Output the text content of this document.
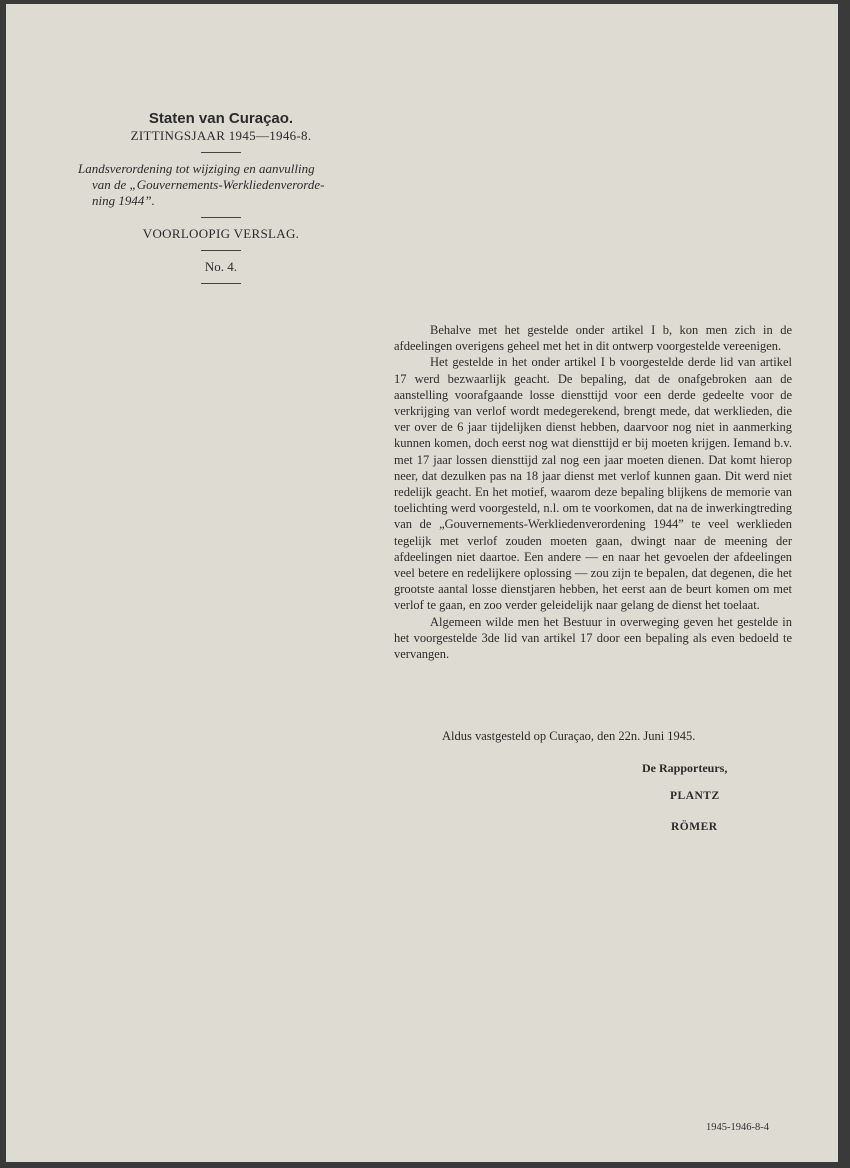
Staten van Curaçao.

ZITTINGSJAAR 1945—1946-8.

Landsverordening tot wijziging en aanvulling
van de „Gouvernements-Werkliedenverorde-
ning 1944”.

VOORLOOPIG VERSLAG.

No. 4.

Behalve met het gestelde onder artikel I b, kon men zich in de afdeelingen overigens geheel met het in dit ontwerp voorgestelde vereenigen.

Het gestelde in het onder artikel I b voorgestelde derde lid van artikel 17 werd bezwaarlijk geacht. De bepaling, dat de onafgebroken aan de aanstelling voorafgaande losse diensttijd voor een derde gedeelte voor de verkrijging van verlof wordt medegerekend, brengt mede, dat werklieden, die ver over de 6 jaar tijdelijken dienst hebben, daarvoor nog niet in aanmerking kunnen komen, doch eerst nog wat diensttijd er bij moeten krijgen. Iemand b.v. met 17 jaar lossen diensttijd zal nog een jaar moeten dienen. Dat komt hierop neer, dat dezulken pas na 18 jaar dienst met verlof kunnen gaan. Dit werd niet redelijk geacht. En het motief, waarom deze bepaling blijkens de memorie van toelichting werd voorgesteld, n.l. om te voorkomen, dat na de inwerkingtreding van de „Gouvernements-Werkliedenverordening 1944” te veel werklieden tegelijk met verlof zouden moeten gaan, dwingt naar de meening der afdeelingen niet daartoe. Een andere — en naar het gevoelen der afdeelingen veel betere en redelijkere oplossing — zou zijn te bepalen, dat degenen, die het grootste aantal losse dienstjaren hebben, het eerst aan de beurt komen om met verlof te gaan, en zoo verder geleidelijk naar gelang de dienst het toelaat.

Algemeen wilde men het Bestuur in overweging geven het gestelde in het voorgestelde 3de lid van artikel 17 door een bepaling als even bedoeld te vervangen.

Aldus vastgesteld op Curaçao, den 22n. Juni 1945.

De Rapporteurs,

PLANTZ
RÖMER
1945-1946-8-4
